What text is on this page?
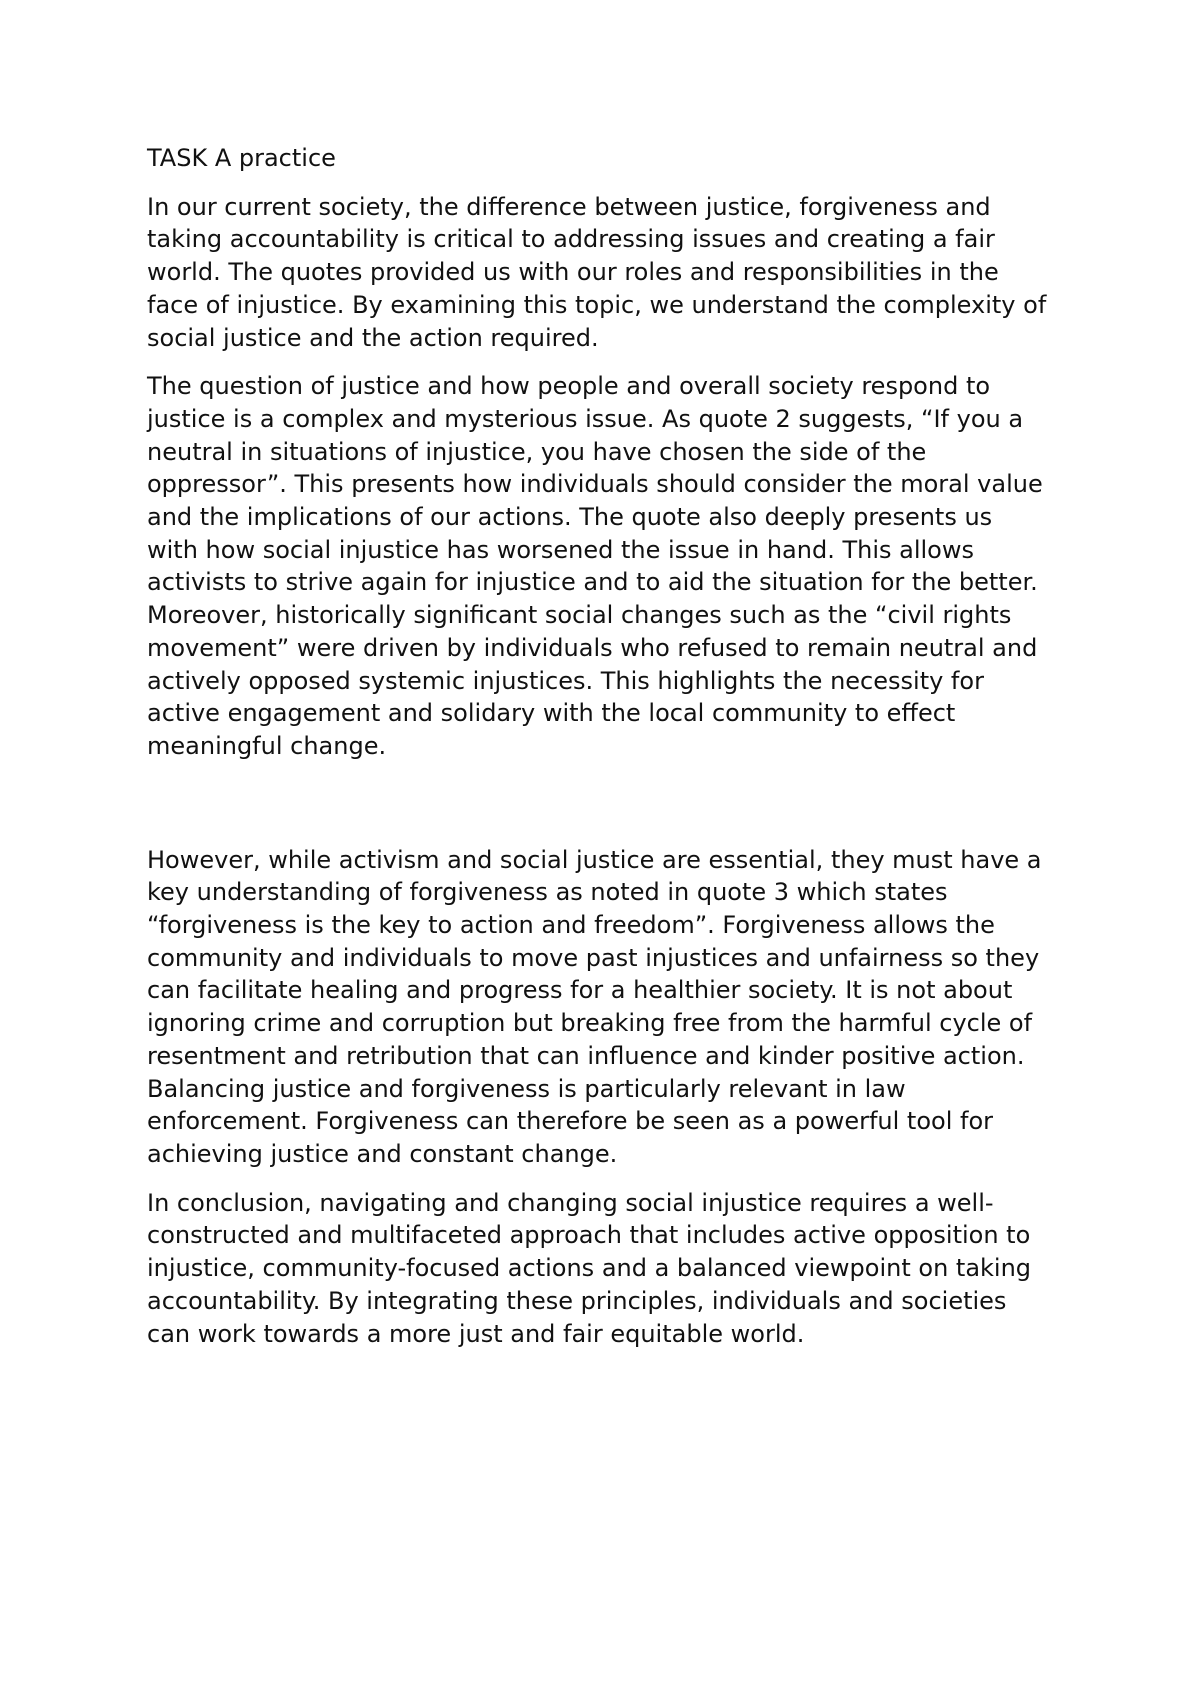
TASK A practice

In our current society, the difference between justice, forgiveness and
taking accountability is critical to addressing issues and creating a fair
world. The quotes provided us with our roles and responsibilities in the
face of injustice. By examining this topic, we understand the complexity of
social justice and the action required.

The question of justice and how people and overall society respond to
justice is a complex and mysterious issue. As quote 2 suggests, “If you a
neutral in situations of injustice, you have chosen the side of the
oppressor”. This presents how individuals should consider the moral value
and the implications of our actions. The quote also deeply presents us
with how social injustice has worsened the issue in hand. This allows
activists to strive again for injustice and to aid the situation for the better.
Moreover, historically significant social changes such as the “civil rights
movement” were driven by individuals who refused to remain neutral and
actively opposed systemic injustices. This highlights the necessity for
active engagement and solidary with the local community to effect
meaningful change.

However, while activism and social justice are essential, they must have a
key understanding of forgiveness as noted in quote 3 which states
“forgiveness is the key to action and freedom”. Forgiveness allows the
community and individuals to move past injustices and unfairness so they
can facilitate healing and progress for a healthier society. It is not about
ignoring crime and corruption but breaking free from the harmful cycle of
resentment and retribution that can influence and kinder positive action.
Balancing justice and forgiveness is particularly relevant in law
enforcement. Forgiveness can therefore be seen as a powerful tool for
achieving justice and constant change.

In conclusion, navigating and changing social injustice requires a well-
constructed and multifaceted approach that includes active opposition to
injustice, community-focused actions and a balanced viewpoint on taking
accountability. By integrating these principles, individuals and societies
can work towards a more just and fair equitable world.
